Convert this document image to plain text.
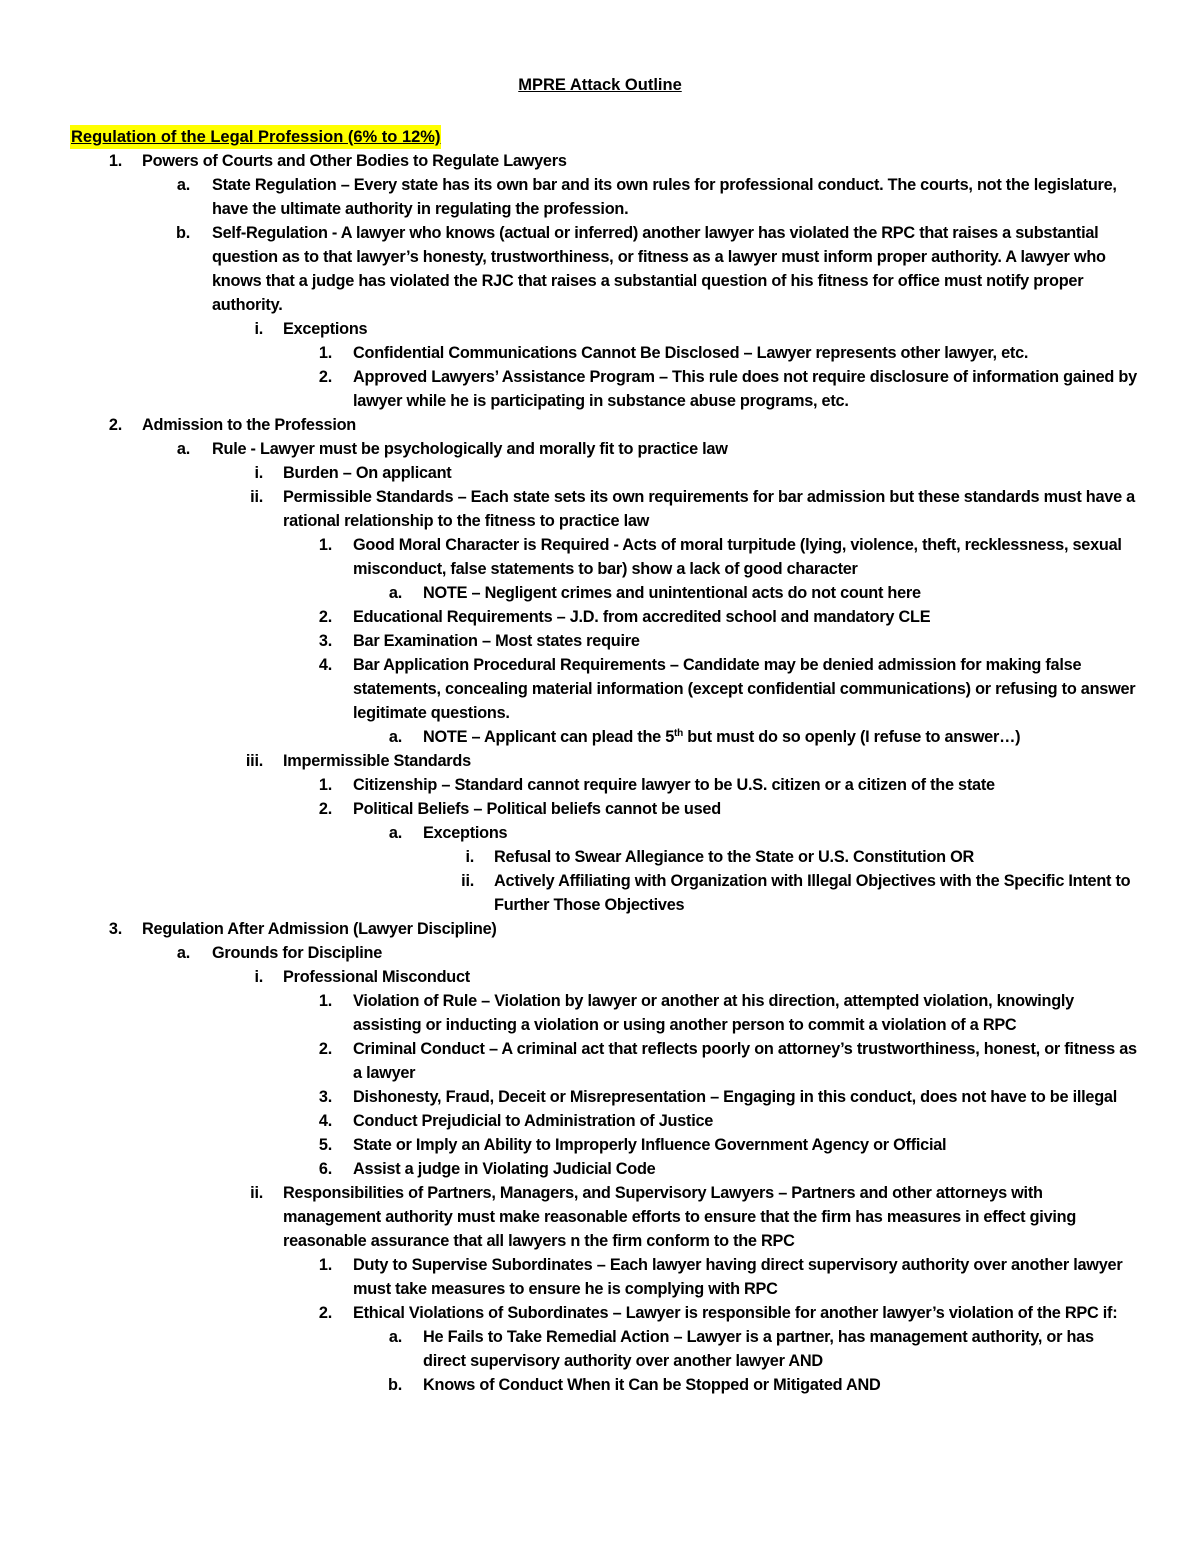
MPRE Attack Outline
Regulation of the Legal Profession (6% to 12%)
1.	Powers of Courts and Other Bodies to Regulate Lawyers
a.	State Regulation – Every state has its own bar and its own rules for professional conduct. The courts, not the legislature, have the ultimate authority in regulating the profession.
b.	Self-Regulation - A lawyer who knows (actual or inferred) another lawyer has violated the RPC that raises a substantial question as to that lawyer’s honesty, trustworthiness, or fitness as a lawyer must inform proper authority. A lawyer who knows that a judge has violated the RJC that raises a substantial question of his fitness for office must notify proper authority.
i.	Exceptions
1.	Confidential Communications Cannot Be Disclosed – Lawyer represents other lawyer, etc.
2.	Approved Lawyers’ Assistance Program – This rule does not require disclosure of information gained by lawyer while he is participating in substance abuse programs, etc.
2.	Admission to the Profession
a.	Rule - Lawyer must be psychologically and morally fit to practice law
i.	Burden – On applicant
ii.	Permissible Standards – Each state sets its own requirements for bar admission but these standards must have a rational relationship to the fitness to practice law
1.	Good Moral Character is Required - Acts of moral turpitude (lying, violence, theft, recklessness, sexual misconduct, false statements to bar) show a lack of good character
a.	NOTE – Negligent crimes and unintentional acts do not count here
2.	Educational Requirements – J.D. from accredited school and mandatory CLE
3.	Bar Examination – Most states require
4.	Bar Application Procedural Requirements – Candidate may be denied admission for making false statements, concealing material information (except confidential communications) or refusing to answer legitimate questions.
a.	NOTE – Applicant can plead the 5th but must do so openly (I refuse to answer…)
iii.	Impermissible Standards
1.	Citizenship – Standard cannot require lawyer to be U.S. citizen or a citizen of the state
2.	Political Beliefs – Political beliefs cannot be used
a.	Exceptions
i.	Refusal to Swear Allegiance to the State or U.S. Constitution OR
ii.	Actively Affiliating with Organization with Illegal Objectives with the Specific Intent to Further Those Objectives
3.	Regulation After Admission (Lawyer Discipline)
a.	Grounds for Discipline
i.	Professional Misconduct
1.	Violation of Rule – Violation by lawyer or another at his direction, attempted violation, knowingly assisting or inducting a violation or using another person to commit a violation of a RPC
2.	Criminal Conduct – A criminal act that reflects poorly on attorney’s trustworthiness, honest, or fitness as a lawyer
3.	Dishonesty, Fraud, Deceit or Misrepresentation – Engaging in this conduct, does not have to be illegal
4.	Conduct Prejudicial to Administration of Justice
5.	State or Imply an Ability to Improperly Influence Government Agency or Official
6.	Assist a judge in Violating Judicial Code
ii.	Responsibilities of Partners, Managers, and Supervisory Lawyers – Partners and other attorneys with management authority must make reasonable efforts to ensure that the firm has measures in effect giving reasonable assurance that all lawyers n the firm conform to the RPC
1.	Duty to Supervise Subordinates – Each lawyer having direct supervisory authority over another lawyer must take measures to ensure he is complying with RPC
2.	Ethical Violations of Subordinates – Lawyer is responsible for another lawyer’s violation of the RPC if:
a.	He Fails to Take Remedial Action – Lawyer is a partner, has management authority, or has direct supervisory authority over another lawyer AND
b.	Knows of Conduct When it Can be Stopped or Mitigated AND
